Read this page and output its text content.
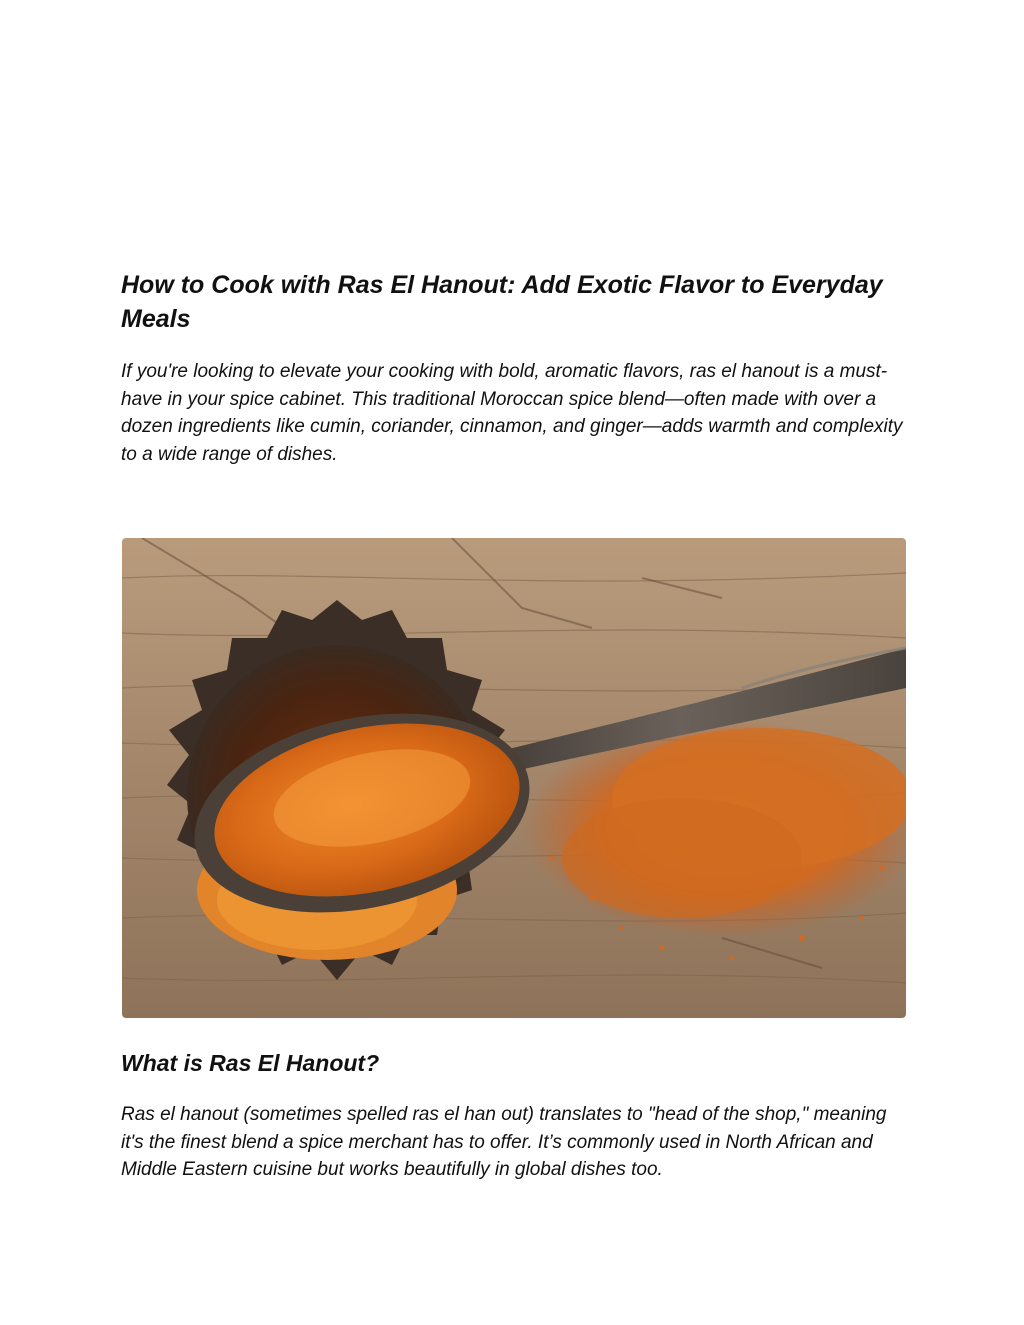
How to Cook with Ras El Hanout: Add Exotic Flavor to Everyday Meals

If you're looking to elevate your cooking with bold, aromatic flavors, ras el hanout is a must-have in your spice cabinet. This traditional Moroccan spice blend—often made with over a dozen ingredients like cumin, coriander, cinnamon, and ginger—adds warmth and complexity to a wide range of dishes.

What is Ras El Hanout?

Ras el hanout (sometimes spelled ras el han out) translates to "head of the shop," meaning it's the finest blend a spice merchant has to offer. It’s commonly used in North African and Middle Eastern cuisine but works beautifully in global dishes too.
